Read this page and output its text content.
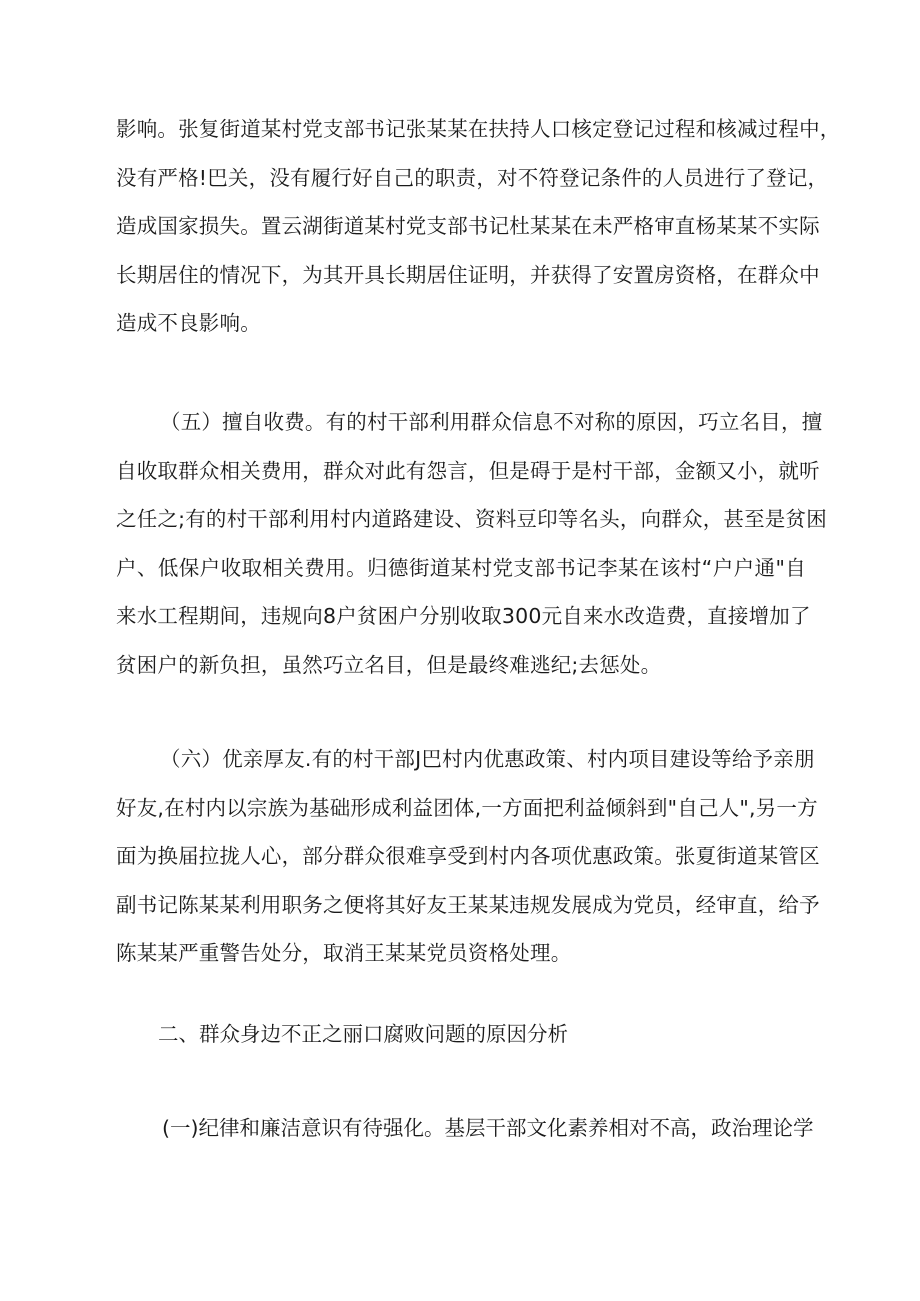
影响。张复街道某村党支部书记张某某在扶持人口核定登记过程和核减过程中，
没有严格!巴关，没有履行好自己的职责，对不符登记条件的人员进行了登记，
造成国家损失。置云湖街道某村党支部书记杜某某在未严格审直杨某某不实际
长期居住的情况下，为其开具长期居住证明，并获得了安置房资格，在群众中
造成不良影响。
（五）擅自收费。有的村干部利用群众信息不对称的原因，巧立名目，擅
自收取群众相关费用，群众对此有怨言，但是碍于是村干部，金额又小，就听
之任之;有的村干部利用村内道路建设、资料豆印等名头，向群众，甚至是贫困
户、低保户收取相关费用。归德街道某村党支部书记李某在该村“户户通"自
来水工程期间，违规向8户贫困户分别收取300元自来水改造费，直接增加了
贫困户的新负担，虽然巧立名目，但是最终难逃纪;去惩处。
（六）优亲厚友.有的村干部J巴村内优惠政策、村内项目建设等给予亲朋
好友,在村内以宗族为基础形成利益团体,一方面把利益倾斜到"自己人",另一方
面为换届拉拢人心，部分群众很难享受到村内各项优惠政策。张夏街道某管区
副书记陈某某利用职务之便将其好友王某某违规发展成为党员，经审直，给予
陈某某严重警告处分，取消王某某党员资格处理。

二、群众身边不正之丽口腐败问题的原因分析

(一)纪律和廉洁意识有待强化。基层干部文化素养相对不高，政治理论学
